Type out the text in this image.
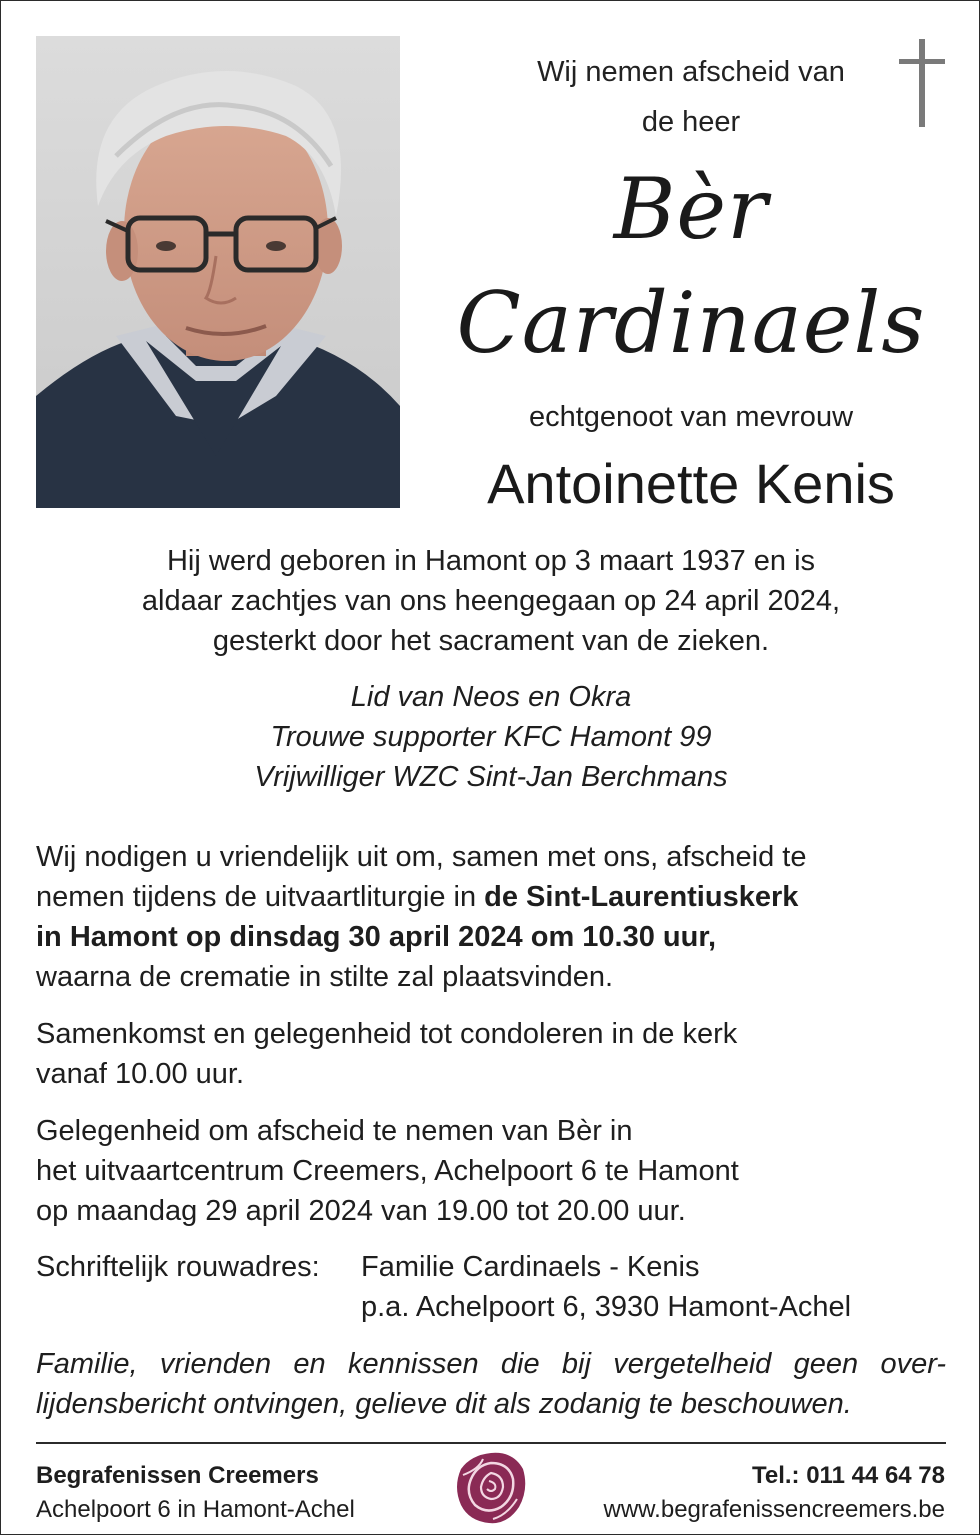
Wij nemen afscheid van
de heer
Bèr
Cardinaels
echtgenoot van mevrouw
Antoinette Kenis
Hij werd geboren in Hamont op 3 maart 1937 en is
aldaar zachtjes van ons heengegaan op 24 april 2024,
gesterkt door het sacrament van de zieken.
Lid van Neos en Okra
Trouwe supporter KFC Hamont 99
Vrijwilliger WZC Sint-Jan Berchmans
Wij nodigen u vriendelijk uit om, samen met ons, afscheid te
nemen tijdens de uitvaartliturgie in de Sint-Laurentiuskerk
in Hamont op dinsdag 30 april 2024 om 10.30 uur,
waarna de crematie in stilte zal plaatsvinden.
Samenkomst en gelegenheid tot condoleren in de kerk
vanaf 10.00 uur.
Gelegenheid om afscheid te nemen van Bèr in
het uitvaartcentrum Creemers, Achelpoort 6 te Hamont
op maandag 29 april 2024 van 19.00 tot 20.00 uur.
Schriftelijk rouwadres:	Familie Cardinaels - Kenis
p.a. Achelpoort 6, 3930 Hamont-Achel
Familie, vrienden en kennissen die bij vergetelheid geen over-
lijdensbericht ontvingen, gelieve dit als zodanig te beschouwen.
Begrafenissen Creemers
Achelpoort 6 in Hamont-Achel
Tel.: 011 44 64 78
www.begrafenissencreemers.be
